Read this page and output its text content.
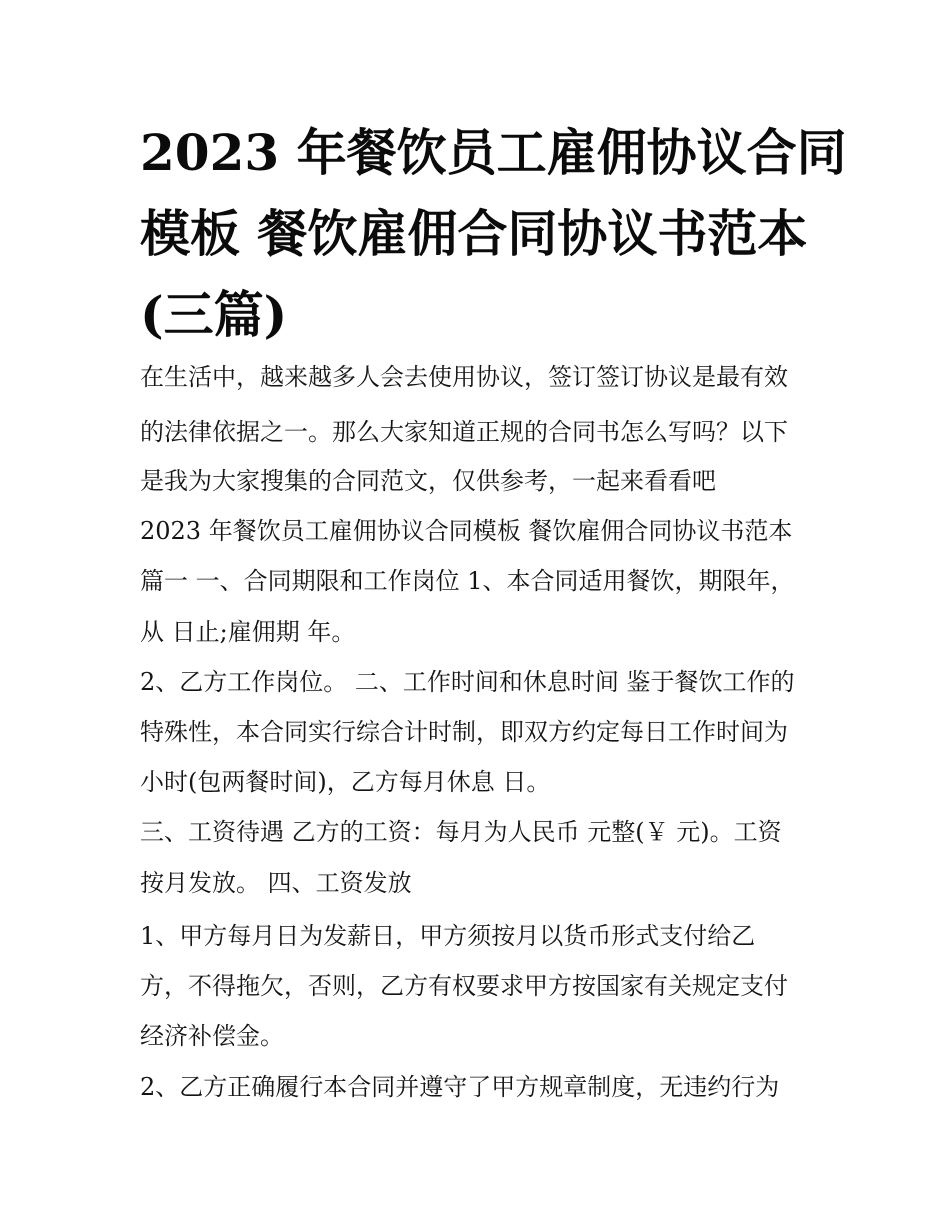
2023 年餐饮员工雇佣协议合同
模板 餐饮雇佣合同协议书范本
(三篇)

在生活中，越来越多人会去使用协议，签订签订协议是最有效

的法律依据之一。那么大家知道正规的合同书怎么写吗？以下

是我为大家搜集的合同范文，仅供参考，一起来看看吧

2023 年餐饮员工雇佣协议合同模板 餐饮雇佣合同协议书范本

篇一 一、合同期限和工作岗位 1、本合同适用餐饮，期限年，

从 日止;雇佣期 年。

2、乙方工作岗位。 二、工作时间和休息时间 鉴于餐饮工作的

特殊性，本合同实行综合计时制，即双方约定每日工作时间为

小时(包两餐时间)，乙方每月休息 日。

三、工资待遇 乙方的工资：每月为人民币 元整(￥ 元)。工资

按月发放。 四、工资发放

1、甲方每月日为发薪日，甲方须按月以货币形式支付给乙

方，不得拖欠，否则，乙方有权要求甲方按国家有关规定支付

经济补偿金。

2、乙方正确履行本合同并遵守了甲方规章制度，无违约行为
